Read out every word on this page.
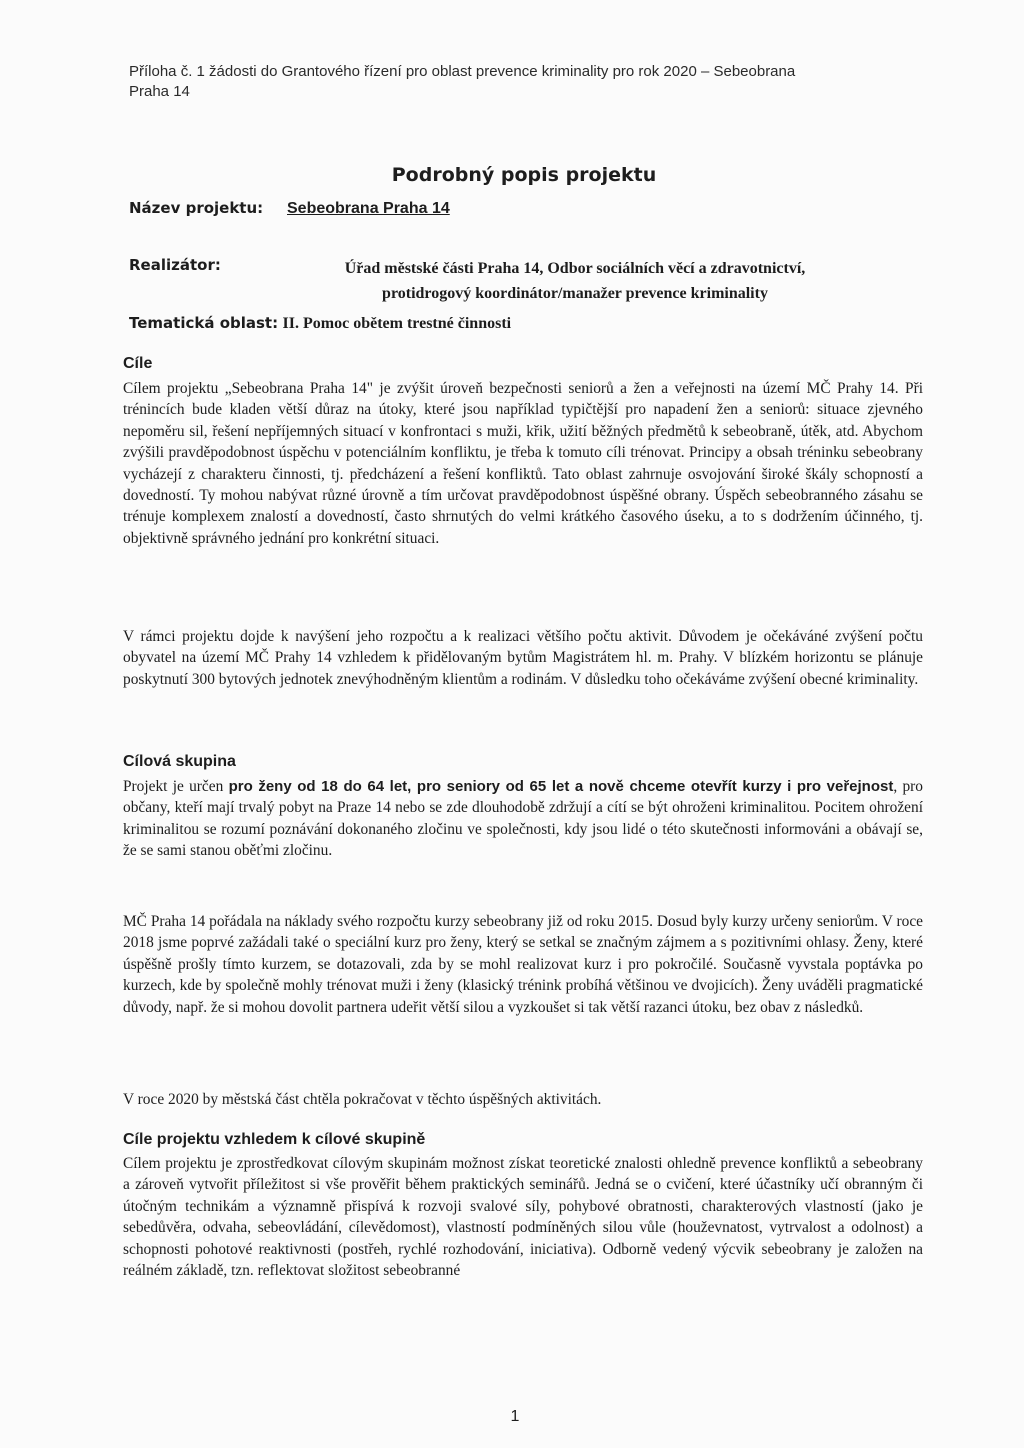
Příloha č. 1 žádosti do Grantového řízení pro oblast prevence kriminality pro rok 2020 – Sebeobrana
Praha 14
Podrobný popis projektu
Název projektu: Sebeobrana Praha 14
Realizátor:	Úřad městské části Praha 14, Odbor sociálních věcí a zdravotnictví,
protidrogový koordinátor/manažer prevence kriminality
Tematická oblast: II. Pomoc obětem trestné činnosti
Cíle
Cílem projektu „Sebeobrana Praha 14" je zvýšit úroveň bezpečnosti seniorů a žen a veřejnosti na území MČ Prahy 14. Při trénincích bude kladen větší důraz na útoky, které jsou například typičtější pro napadení žen a seniorů: situace zjevného nepoměru sil, řešení nepříjemných situací v konfrontaci s muži, křik, užití běžných předmětů k sebeobraně, útěk, atd. Abychom zvýšili pravděpodobnost úspěchu v potenciálním konfliktu, je třeba k tomuto cíli trénovat. Principy a obsah tréninku sebeobrany vycházejí z charakteru činnosti, tj. předcházení a řešení konfliktů. Tato oblast zahrnuje osvojování široké škály schopností a dovedností. Ty mohou nabývat různé úrovně a tím určovat pravděpodobnost úspěšné obrany. Úspěch sebeobranného zásahu se trénuje komplexem znalostí a dovedností, často shrnutých do velmi krátkého časového úseku, a to s dodržením účinného, tj. objektivně správného jednání pro konkrétní situaci.
V rámci projektu dojde k navýšení jeho rozpočtu a k realizaci většího počtu aktivit. Důvodem je očekáváné zvýšení počtu obyvatel na území MČ Prahy 14 vzhledem k přidělovaným bytům Magistrátem hl. m. Prahy. V blízkém horizontu se plánuje poskytnutí 300 bytových jednotek znevýhodněným klientům a rodinám. V důsledku toho očekáváme zvýšení obecné kriminality.
Cílová skupina
Projekt je určen pro ženy od 18 do 64 let, pro seniory od 65 let a nově chceme otevřít kurzy i pro veřejnost, pro občany, kteří mají trvalý pobyt na Praze 14 nebo se zde dlouhodobě zdržují a cítí se být ohroženi kriminalitou. Pocitem ohrožení kriminalitou se rozumí poznávání dokonaného zločinu ve společnosti, kdy jsou lidé o této skutečnosti informováni a obávají se, že se sami stanou oběťmi zločinu.
MČ Praha 14 pořádala na náklady svého rozpočtu kurzy sebeobrany již od roku 2015. Dosud byly kurzy určeny seniorům. V roce 2018 jsme poprvé zažádali také o speciální kurz pro ženy, který se setkal se značným zájmem a s pozitivními ohlasy. Ženy, které úspěšně prošly tímto kurzem, se dotazovali, zda by se mohl realizovat kurz i pro pokročilé. Současně vyvstala poptávka po kurzech, kde by společně mohly trénovat muži i ženy (klasický trénink probíhá většinou ve dvojicích). Ženy uváděli pragmatické důvody, např. že si mohou dovolit partnera udeřit větší silou a vyzkoušet si tak větší razanci útoku, bez obav z následků.
V roce 2020 by městská část chtěla pokračovat v těchto úspěšných aktivitách.
Cíle projektu vzhledem k cílové skupině
Cílem projektu je zprostředkovat cílovým skupinám možnost získat teoretické znalosti ohledně prevence konfliktů a sebeobrany a zároveň vytvořit příležitost si vše prověřit během praktických seminářů. Jedná se o cvičení, které účastníky učí obranným či útočným technikám a významně přispívá k rozvoji svalové síly, pohybové obratnosti, charakterových vlastností (jako je sebedůvěra, odvaha, sebeovládání, cílevědomost), vlastností podmíněných silou vůle (houževnatost, vytrvalost a odolnost) a schopnosti pohotové reaktivnosti (postřeh, rychlé rozhodování, iniciativa). Odborně vedený výcvik sebeobrany je založen na reálném základě, tzn. reflektovat složitost sebeobranné
1
